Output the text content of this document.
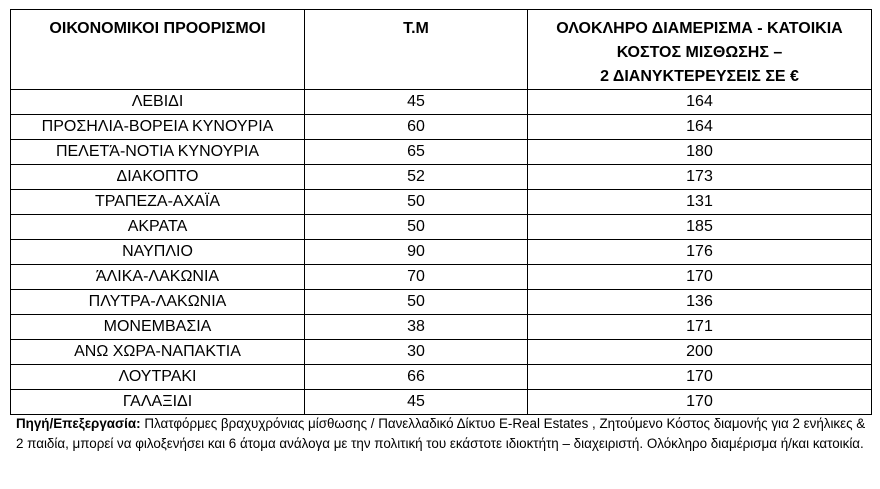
ΟΙΚΟΝΟΜΙΚΟΙ ΠΡΟΟΡΙΣΜΟΙ	Τ.Μ	ΟΛΟΚΛΗΡΟ ΔΙΑΜΕΡΙΣΜΑ - ΚΑΤΟΙΚΙΑ
ΚΟΣΤΟΣ ΜΙΣΘΩΣΗΣ –
2 ΔΙΑΝΥΚΤΕΡΕΥΣΕΙΣ ΣΕ €

ΛΕΒΙΔΙ	45	164
ΠΡΟΣΗΛΙΑ-ΒΟΡΕΙΑ ΚΥΝΟΥΡΙΑ	60	164
ΠΕΛΕΤΆ-ΝΟΤΙΑ ΚΥΝΟΥΡΙΑ	65	180
ΔΙΑΚΟΠΤΟ	52	173
ΤΡΑΠΕΖΑ-ΑΧΑΪΑ	50	131
ΑΚΡΑΤΑ	50	185
ΝΑΥΠΛΙΟ	90	176
ΆΛΙΚΑ-ΛΑΚΩΝΙΑ	70	170
ΠΛΥΤΡΑ-ΛΑΚΩΝΙΑ	50	136
ΜΟΝΕΜΒΑΣΙΑ	38	171
ΑΝΩ ΧΩΡΑ-ΝΑΠΑΚΤΙΑ	30	200
ΛΟΥΤΡΑΚΙ	66	170
ΓΑΛΑΞΙΔΙ	45	170
Πηγή/Επεξεργασία: Πλατφόρμες βραχυχρόνιας μίσθωσης / Πανελλαδικό Δίκτυο E-Real Estates , Ζητούμενο Κόστος διαμονής για 2 ενήλικες & 2 παιδία, μπορεί να φιλοξενήσει και 6 άτομα ανάλογα με την πολιτική του εκάστοτε ιδιοκτήτη – διαχειριστή. Ολόκληρο διαμέρισμα ή/και κατοικία.
